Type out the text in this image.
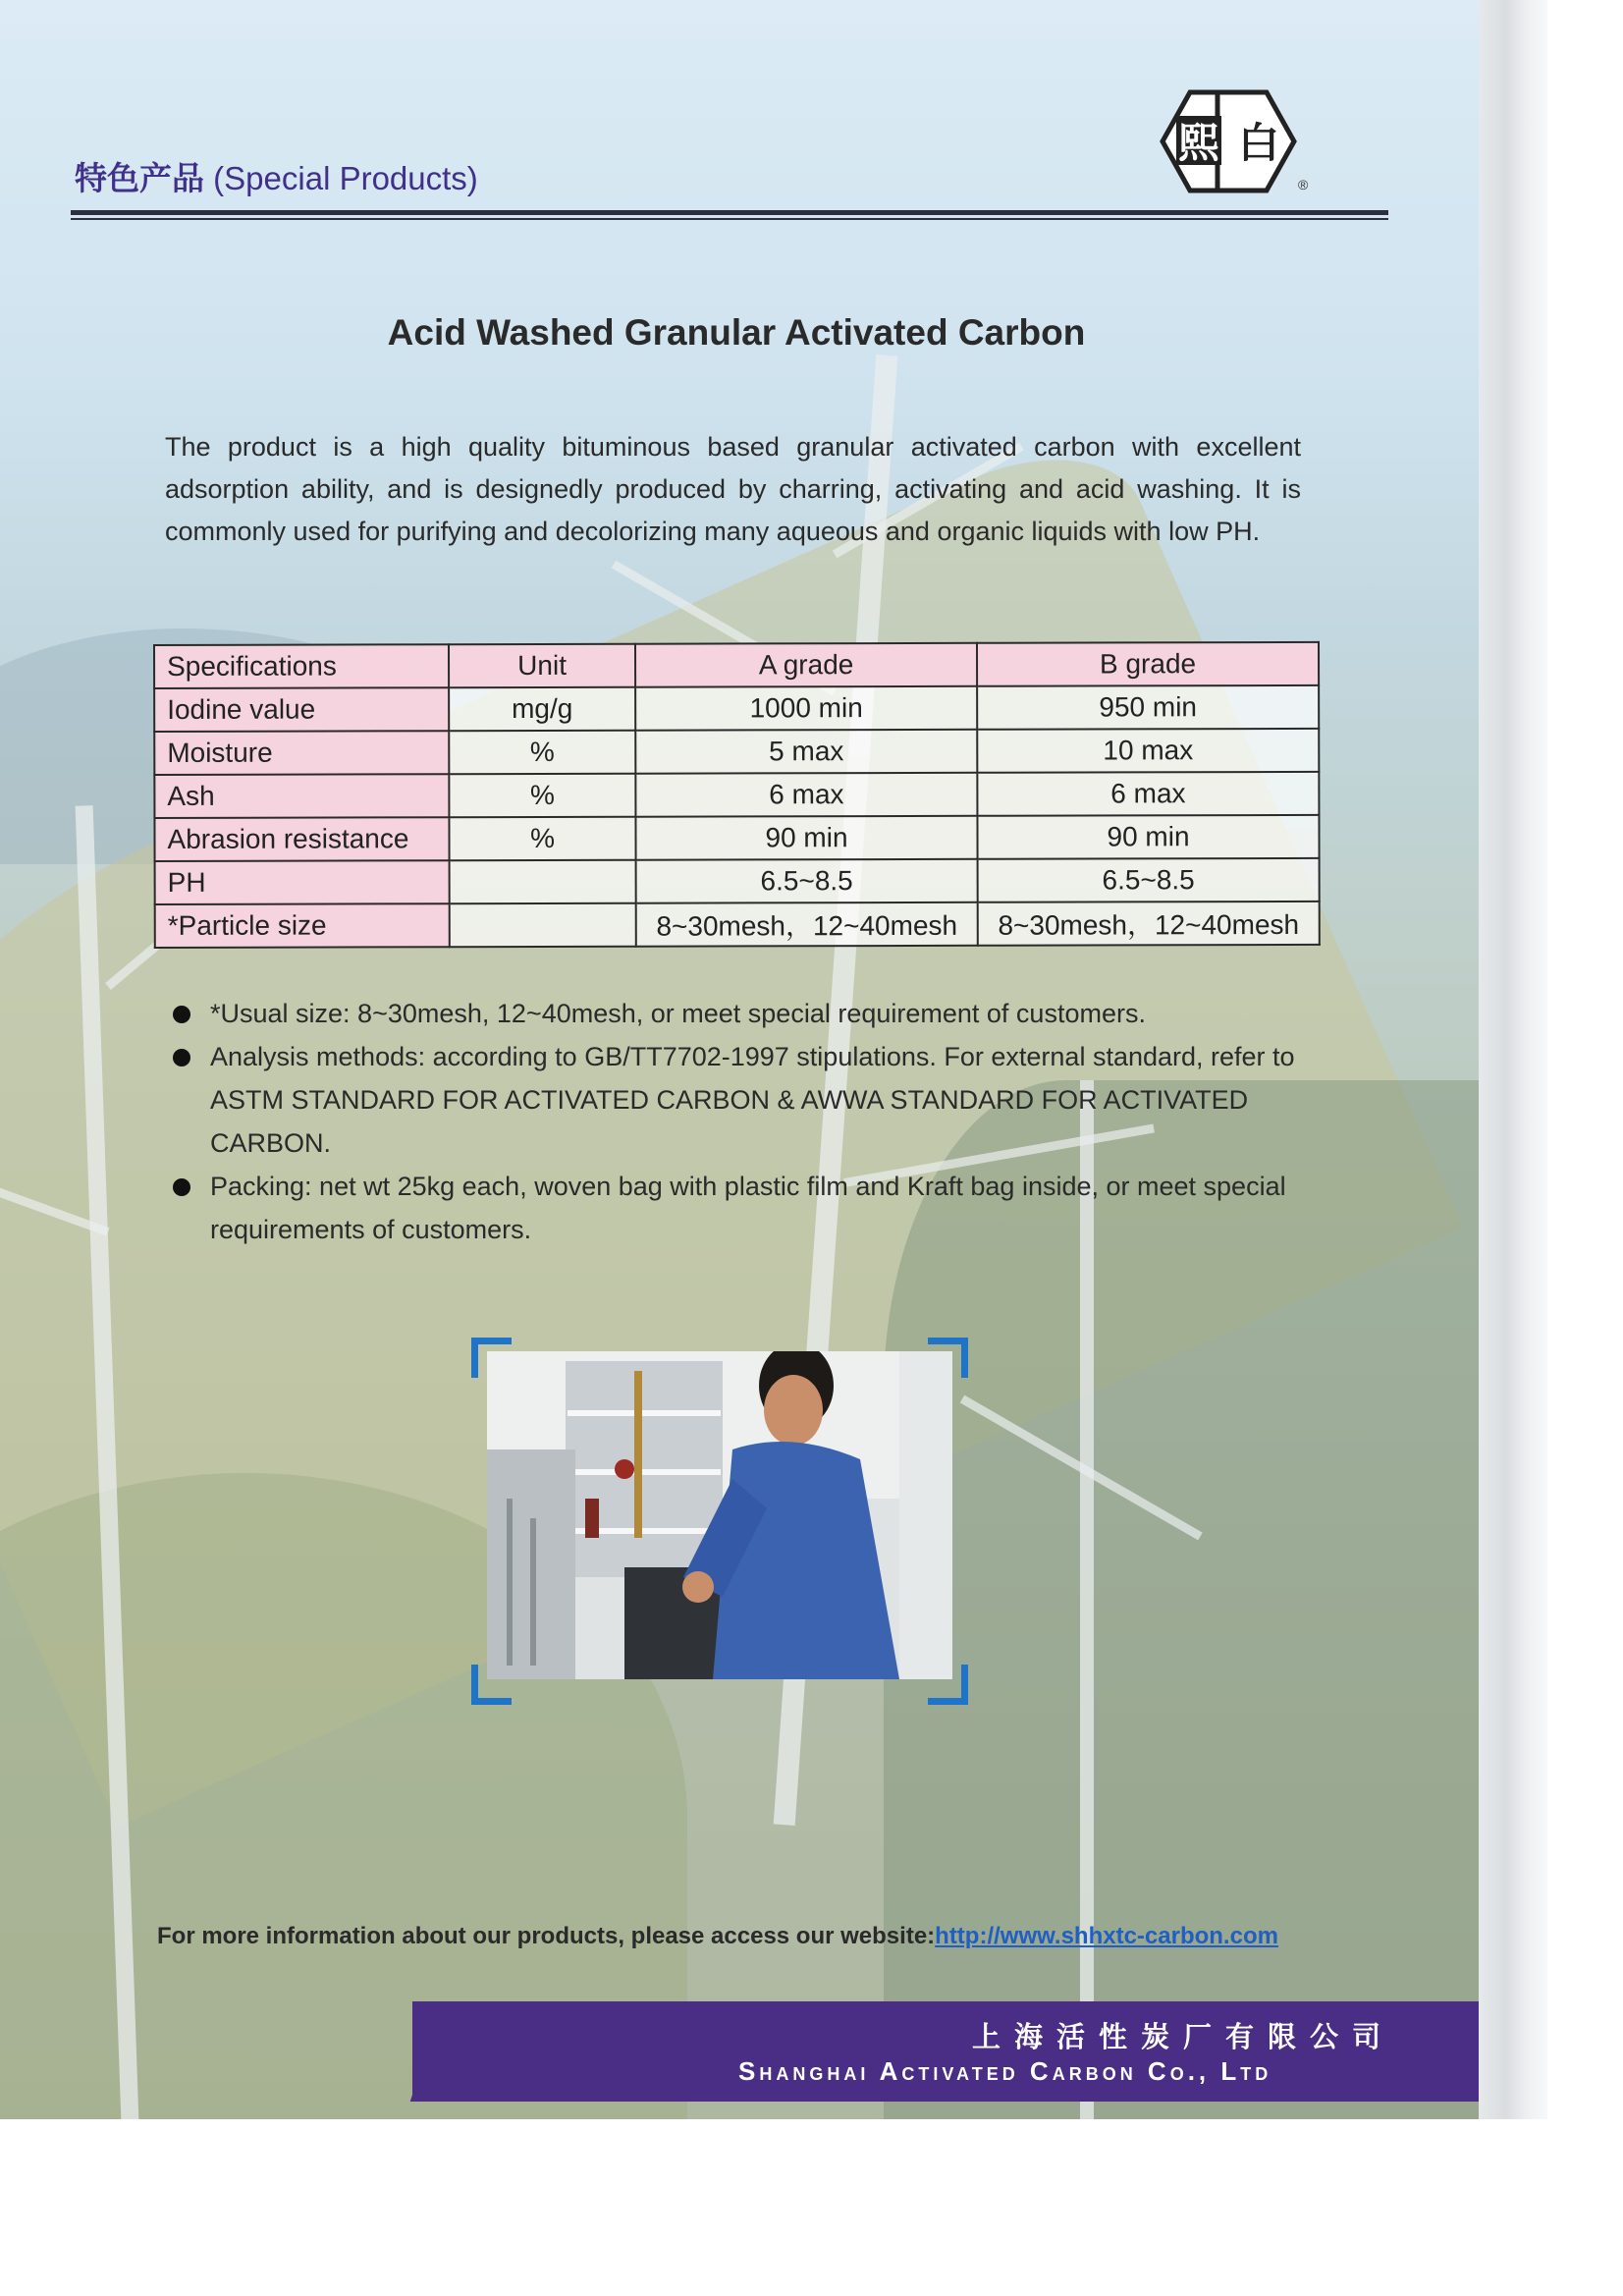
特色产品 (Special Products)
熙 白
®
Acid Washed Granular Activated Carbon
The product is a high quality bituminous based granular activated carbon with excellent adsorption ability, and is designedly produced by charring, activating and acid washing. It is commonly used for purifying and decolorizing many aqueous and organic liquids with low PH.
Specifications	Unit	A grade	B grade
Iodine value	mg/g	1000 min	950 min
Moisture	%	5 max	10 max
Ash	%	6 max	6 max
Abrasion resistance	%	90 min	90 min
PH		6.5~8.5	6.5~8.5
*Particle size		8~30mesh，12~40mesh	8~30mesh，12~40mesh
*Usual size: 8~30mesh, 12~40mesh, or meet special requirement of customers.
Analysis methods: according to GB/TT7702-1997 stipulations. For external standard, refer to ASTM STANDARD FOR ACTIVATED CARBON & AWWA STANDARD FOR ACTIVATED CARBON.
Packing: net wt 25kg each, woven bag with plastic film and Kraft bag inside, or meet special requirements of customers.
For more information about our products, please access our website:http://www.shhxtc-carbon.com
上海活性炭厂有限公司
Shanghai Activated Carbon Co., Ltd
